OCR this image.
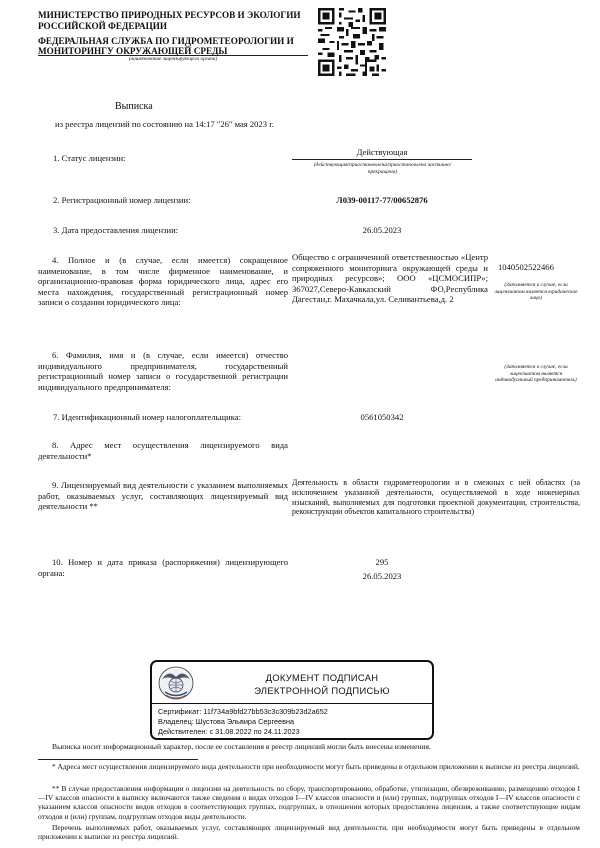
МИНИСТЕРСТВО ПРИРОДНЫХ РЕСУРСОВ И ЭКОЛОГИИ
РОССИЙСКОЙ ФЕДЕРАЦИИ
ФЕДЕРАЛЬНАЯ СЛУЖБА ПО ГИДРОМЕТЕОРОЛОГИИ И
МОНИТОРИНГУ ОКРУЖАЮЩЕЙ СРЕДЫ
(наименование лицензирующего органа)
Выписка
из реестра лицензий по состоянию на 14:17 "26" мая 2023 г.
1. Статус лицензии:
Действующая
(действующая/приостановлена/приостановлена частично/прекращена)
2. Регистрационный номер лицензии:	Л039-00117-77/00652876
3. Дата предоставления лицензии:	26.05.2023
4. Полное и (в случае, если имеется) сокращенное наименование, в том числе фирменное наименование, и организационно-правовая форма юридического лица, адрес его места нахождения, государственный регистрационный номер записи о создании юридического лица:
Общество с ограниченной ответственностью «Центр сопряженного мониторинга окружающей среды и природных ресурсов»; ООО «ЦСМОСИПР»; 367027,Северо-Кавказский ФО,Республика Дагестан,г. Махачкала,ул. Селивантьева,д. 2
1040502522466
(Заполняется в случае, если лицензиатом является юридическое лицо)
6. Фамилия, имя и (в случае, если имеется) отчество индивидуального предпринимателя, государственный регистрационный номер записи о государственной регистрации индивидуального предпринимателя:
(Заполняется в случае, если лицензиатом является индивидуальный предприниматель)
7. Идентификационный номер налогоплательщика:	0561050342
8. Адрес мест осуществления лицензируемого вида деятельности*
9. Лицензируемый вид деятельности с указанием выполняемых работ, оказываемых услуг, составляющих лицензируемый вид деятельности **
Деятельность в области гидрометеорологии и в смежных с ней областях (за исключением указанной деятельности, осуществляемой в ходе инженерных изысканий, выполняемых для подготовки проектной документации, строительства, реконструкции объектов капитального строительства)
10. Номер и дата приказа (распоряжения) лицензирующего органа:
295
26.05.2023
ДОКУМЕНТ ПОДПИСАН
ЭЛЕКТРОННОЙ ПОДПИСЬЮ
Сертификат: 11f734a9bfd27bb53c3c309b23d2a652
Владелец: Шустова Эльвира Сергеевна
Действителен: с 31.08.2022 по 24.11.2023
Выписка носит информационный характер, после ее составления в реестр лицензий могли быть внесены изменения.
* Адреса мест осуществления лицензируемого вида деятельности при необходимости могут быть приведены в отдельном приложении к выписке из реестра лицензий.
** В случае предоставления информации о лицензии на деятельность по сбору, транспортированию, обработке, утилизации, обезвреживанию, размещению отходов I—IV классов опасности в выписку включаются также сведения о видах отходов I—IV классов опасности и (или) группах, подгруппах отходов I—IV классов опасности с указанием классов опасности видов отходов в соответствующих группах, подгруппах, в отношении которых предоставлена лицензия, а также соответствующие видам отходов и (или) группам, подгруппам отходов виды деятельности.
Перечень выполняемых работ, оказываемых услуг, составляющих лицензируемый вид деятельности, при необходимости могут быть приведены в отдельном приложении к выписке из реестра лицензий.
